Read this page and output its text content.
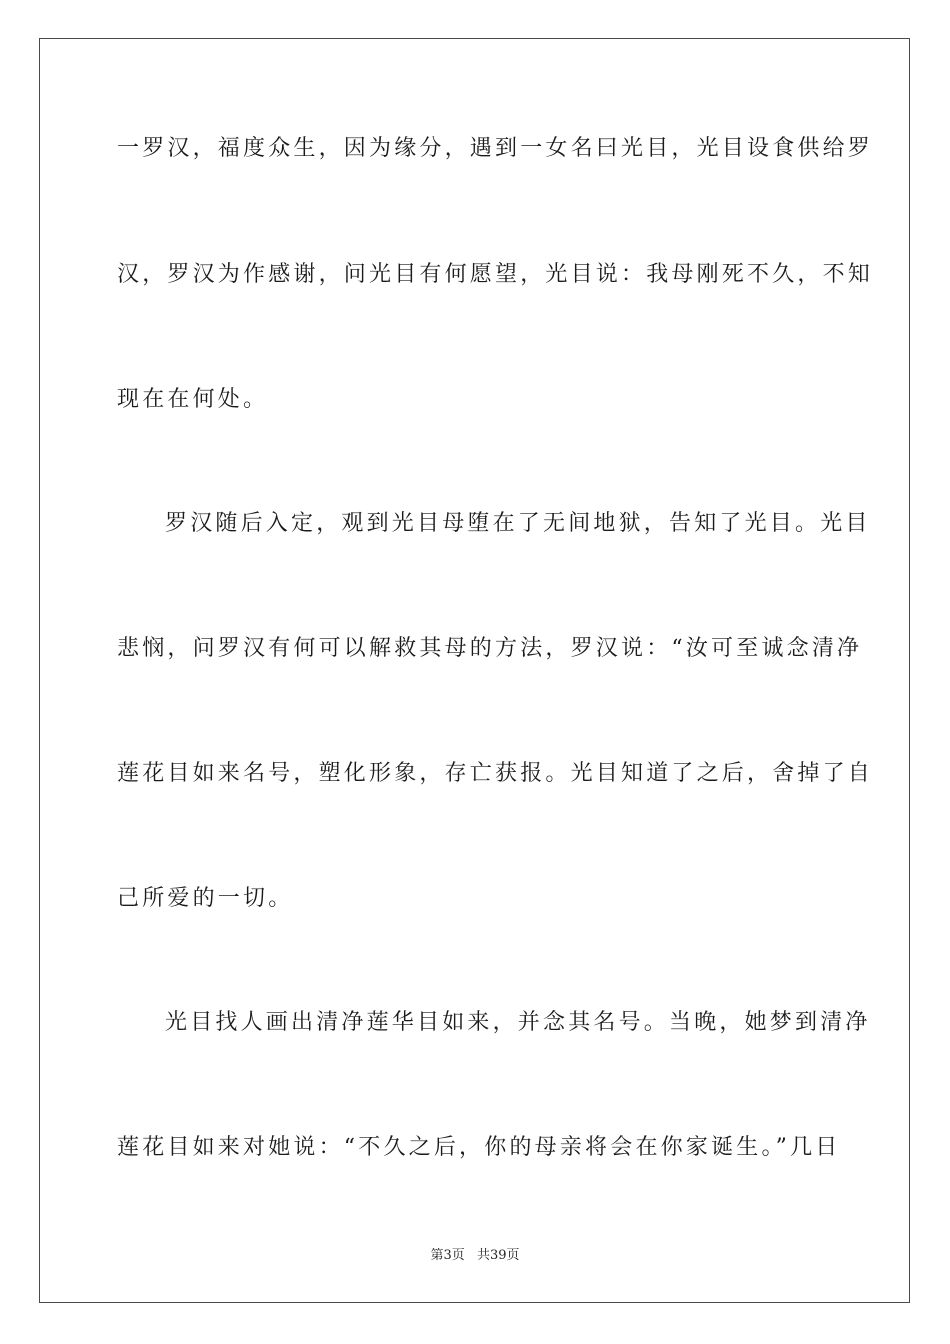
一罗汉，福度众生，因为缘分，遇到一女名曰光目，光目设食供给罗
汉，罗汉为作感谢，问光目有何愿望，光目说：我母刚死不久，不知
现在在何处。
罗汉随后入定，观到光目母堕在了无间地狱，告知了光目。光目
悲悯，问罗汉有何可以解救其母的方法，罗汉说：“汝可至诚念清净
莲花目如来名号，塑化形象，存亡获报。光目知道了之后，舍掉了自
己所爱的一切。
光目找人画出清净莲华目如来，并念其名号。当晚，她梦到清净
莲花目如来对她说：“不久之后，你的母亲将会在你家诞生。”几日
第3页 共39页
